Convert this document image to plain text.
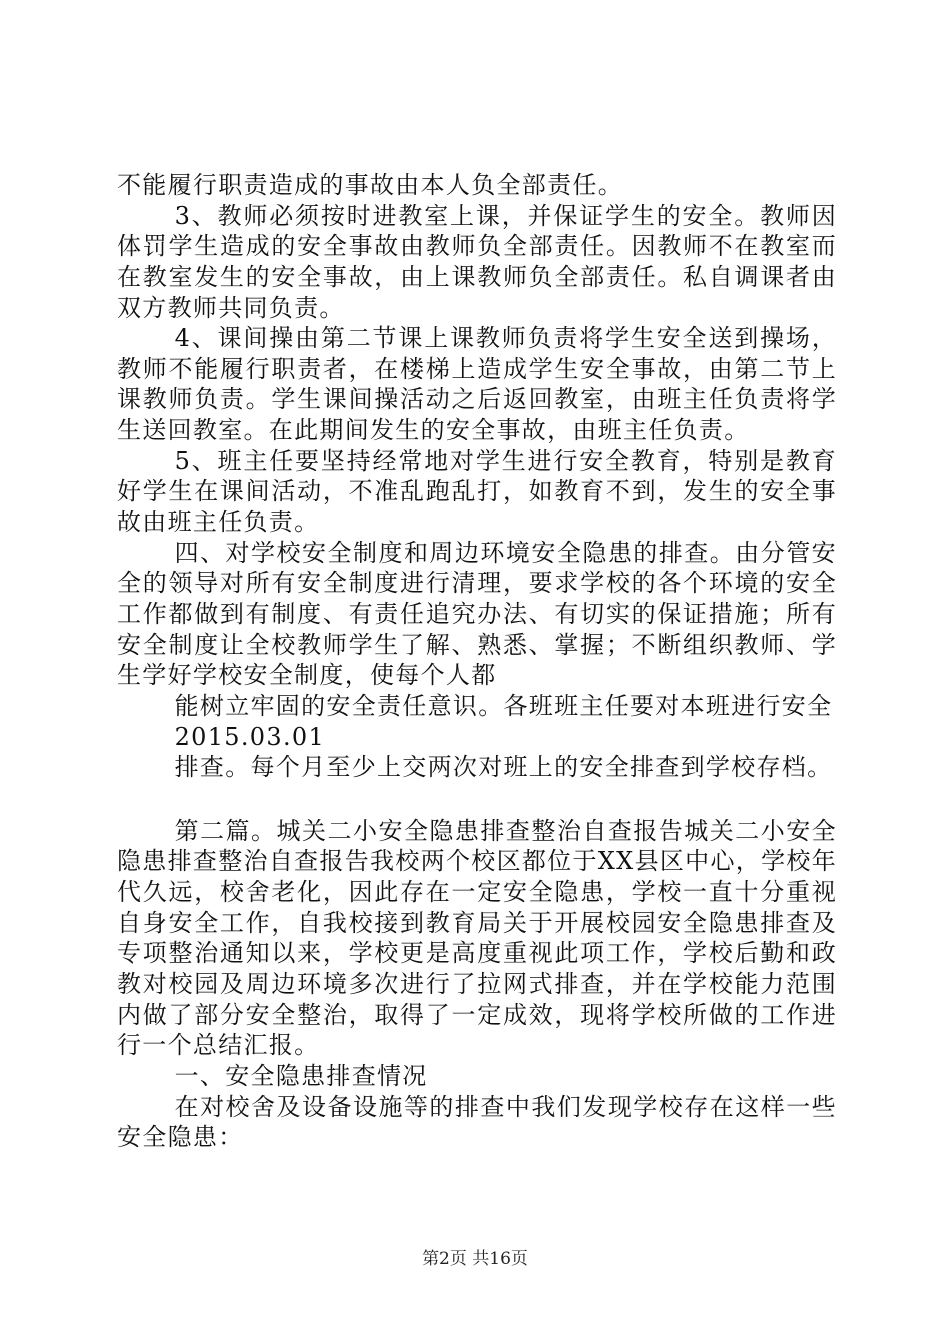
不能履行职责造成的事故由本人负全部责任。

3、教师必须按时进教室上课，并保证学生的安全。教师因体罚学生造成的安全事故由教师负全部责任。因教师不在教室而在教室发生的安全事故，由上课教师负全部责任。私自调课者由双方教师共同负责。

4、课间操由第二节课上课教师负责将学生安全送到操场，教师不能履行职责者，在楼梯上造成学生安全事故，由第二节上课教师负责。学生课间操活动之后返回教室，由班主任负责将学生送回教室。在此期间发生的安全事故，由班主任负责。

5、班主任要坚持经常地对学生进行安全教育，特别是教育好学生在课间活动，不准乱跑乱打，如教育不到，发生的安全事故由班主任负责。

四、对学校安全制度和周边环境安全隐患的排查。由分管安全的领导对所有安全制度进行清理，要求学校的各个环境的安全工作都做到有制度、有责任追究办法、有切实的保证措施；所有安全制度让全校教师学生了解、熟悉、掌握；不断组织教师、学生学好学校安全制度，使每个人都

能树立牢固的安全责任意识。各班班主任要对本班进行安全

2015.03.01

排查。每个月至少上交两次对班上的安全排查到学校存档。

第二篇。城关二小安全隐患排查整治自查报告城关二小安全隐患排查整治自查报告我校两个校区都位于XX县区中心，学校年代久远，校舍老化，因此存在一定安全隐患，学校一直十分重视自身安全工作，自我校接到教育局关于开展校园安全隐患排查及专项整治通知以来，学校更是高度重视此项工作，学校后勤和政教对校园及周边环境多次进行了拉网式排查，并在学校能力范围内做了部分安全整治，取得了一定成效，现将学校所做的工作进行一个总结汇报。

一、安全隐患排查情况

在对校舍及设备设施等的排查中我们发现学校存在这样一些安全隐患：

第2页 共16页
